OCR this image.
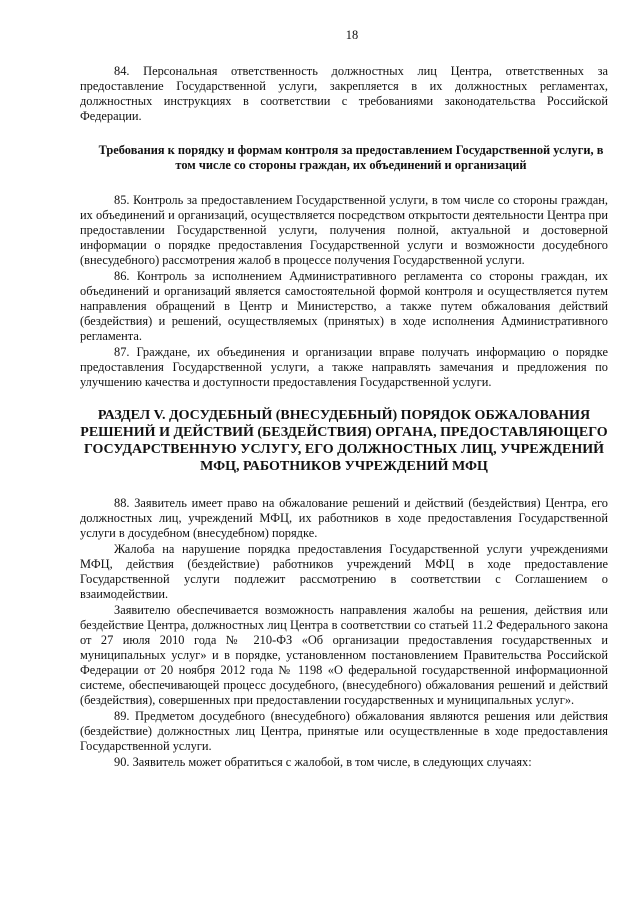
18

84. Персональная ответственность должностных лиц Центра, ответственных за предоставление Государственной услуги, закрепляется в их должностных регламентах, должностных инструкциях в соответствии с требованиями законодательства Российской Федерации.

Требования к порядку и формам контроля за предоставлением Государственной услуги, в том числе со стороны граждан, их объединений и организаций

85. Контроль за предоставлением Государственной услуги, в том числе со стороны граждан, их объединений и организаций, осуществляется посредством открытости деятельности Центра при предоставлении Государственной услуги, получения полной, актуальной и достоверной информации о порядке предоставления Государственной услуги и возможности досудебного (внесудебного) рассмотрения жалоб в процессе получения Государственной услуги.

86. Контроль за исполнением Административного регламента со стороны граждан, их объединений и организаций является самостоятельной формой контроля и осуществляется путем направления обращений в Центр и Министерство, а также путем обжалования действий (бездействия) и решений, осуществляемых (принятых) в ходе исполнения Административного регламента.

87. Граждане, их объединения и организации вправе получать информацию о порядке предоставления Государственной услуги, а также направлять замечания и предложения по улучшению качества и доступности предоставления Государственной услуги.

РАЗДЕЛ V. ДОСУДЕБНЫЙ (ВНЕСУДЕБНЫЙ) ПОРЯДОК ОБЖАЛОВАНИЯ
РЕШЕНИЙ И ДЕЙСТВИЙ (БЕЗДЕЙСТВИЯ) ОРГАНА, ПРЕДОСТАВЛЯЮЩЕГО
ГОСУДАРСТВЕННУЮ УСЛУГУ, ЕГО ДОЛЖНОСТНЫХ ЛИЦ, УЧРЕЖДЕНИЙ
МФЦ, РАБОТНИКОВ УЧРЕЖДЕНИЙ МФЦ

88. Заявитель имеет право на обжалование решений и действий (бездействия) Центра, его должностных лиц, учреждений МФЦ, их работников в ходе предоставления Государственной услуги в досудебном (внесудебном) порядке.

Жалоба на нарушение порядка предоставления Государственной услуги учреждениями МФЦ, действия (бездействие) работников учреждений МФЦ в ходе предоставление Государственной услуги подлежит рассмотрению в соответствии с Соглашением о взаимодействии.

Заявителю обеспечивается возможность направления жалобы на решения, действия или бездействие Центра, должностных лиц Центра в соответствии со статьей 11.2 Федерального закона от 27 июля 2010 года № 210-ФЗ «Об организации предоставления государственных и муниципальных услуг» и в порядке, установленном постановлением Правительства Российской Федерации от 20 ноября 2012 года № 1198 «О федеральной государственной информационной системе, обеспечивающей процесс досудебного, (внесудебного) обжалования решений и действий (бездействия), совершенных при предоставлении государственных и муниципальных услуг».

89. Предметом досудебного (внесудебного) обжалования являются решения или действия (бездействие) должностных лиц Центра, принятые или осуществленные в ходе предоставления Государственной услуги.

90. Заявитель может обратиться с жалобой, в том числе, в следующих случаях:
